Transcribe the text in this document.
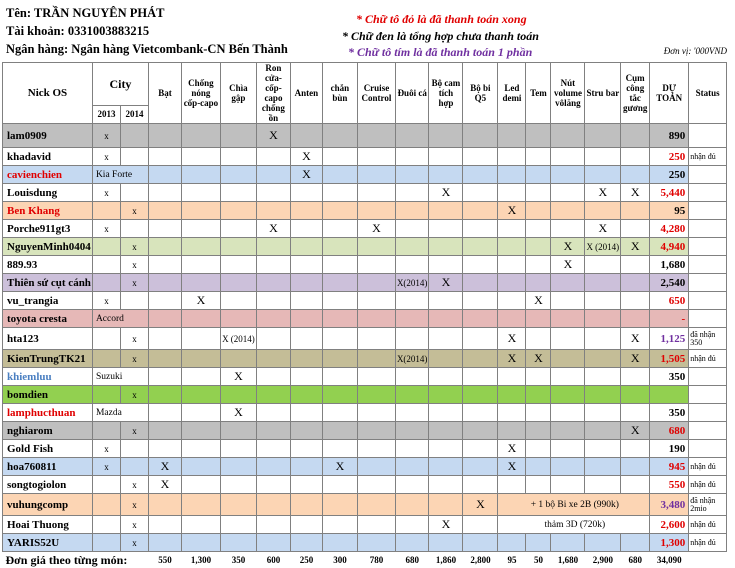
Tên: TRẦN NGUYÊN PHÁT
Tài khoản: 0331003883215
Ngân hàng: Ngân hàng Vietcombank-CN Bến Thành
* Chữ tô đỏ là đã thanh toán xong
* Chữ đen là tổng hợp chưa thanh toán
* Chữ tô tím là đã thanh toán 1 phần	Đơn vị: '000VND
Nick OS	City		Bạt	Chống nóng cốp-capo	Chìa gập	Ron cửa-cốp-capo chống ồn	Anten	chắn bùn	Cruise Control	Đuôi cá	Bộ cam tích hợp	Bộ bi Q5	Led demi	Tem	Nút volume vôlăng	Stru bar	Cụm công tắc gương	DỰ TOÁN	Status
	2013	2014																	
lam0909	x					X												890	
khadavid	x						X											250	nhận đủ
cavienchien	Kia Forte						X											250	
Louisdung	x										X					X	X	5,440	
Ben Khang		x											X					95	
Porche911gt3	x					X			X							X		4,280	
NguyenMinh0404		x													X	X (2014)	X	4,940	
889.93		x													X			1,680	
Thiên sứ cụt cánh		x								X(2014)	X							2,540	
vu_trangia	x			X										X				650	
toyota cresta	Accord																	-	
hta123		x			X (2014)								X				X	1,125	đã nhận 350
KienTrungTK21		x								X(2014)			X	X			X	1,505	nhận đủ
khiemluu	Suzuki				X													350	
bomdien		x																	
lamphucthuan	Mazda				X													350	
nghiarom		x															X	680	
Gold Fish	x												X					190	
hoa760811	x		X					X					X					945	nhận đủ
songtogiolon		x	X															550	nhận đủ
vuhungcomp		x										X	+ 1 bộ Bi xe 2B (990k)					3,480	đã nhận 2mio
Hoai Thuong		x									X		thảm 3D (720k)					2,600	nhận đủ
YARIS52U		x																1,300	nhận đủ
Đơn giá theo từng món:			550	1,300	350	600	250	300	780	680	1,860	2,800	95	50	1,680	2,900	680	34,090	
